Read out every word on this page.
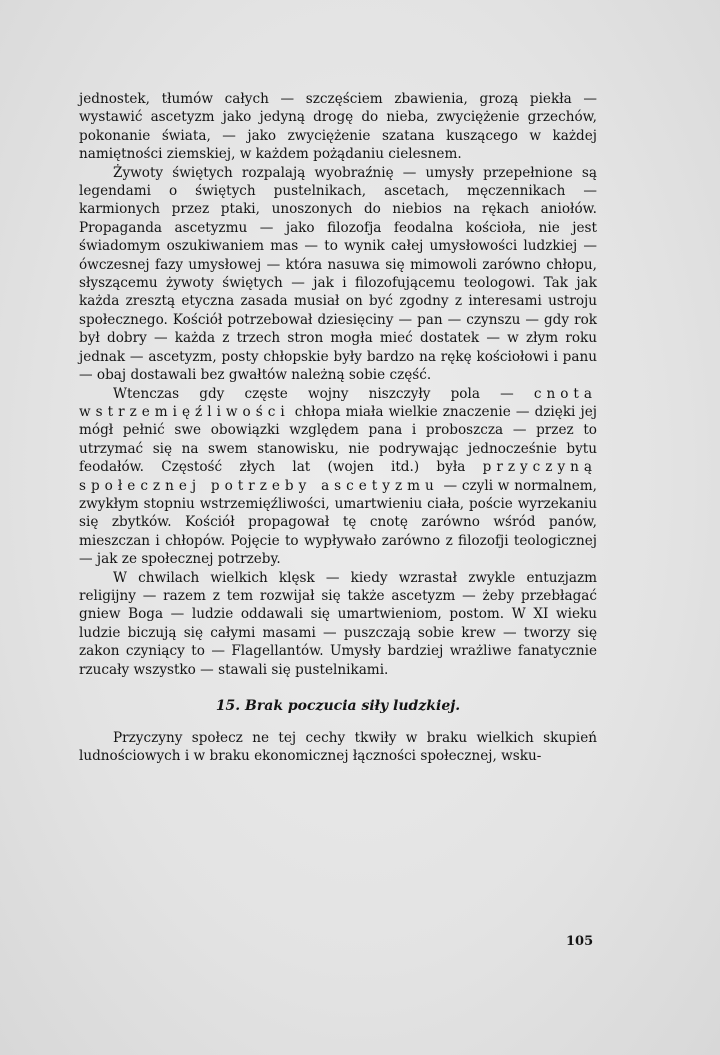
jednostek, tłumów całych — szczęściem zbawienia, grozą piekła — wystawić ascetyzm jako jedyną drogę do nieba, zwyciężenie grzechów, pokonanie świata, — jako zwyciężenie szatana kuszącego w każdej namiętności ziemskiej, w każdem pożądaniu cielesnem.

Żywoty świętych rozpalają wyobraźnię — umysły przepełnione są legendami o świętych pustelnikach, ascetach, męczennikach — karmionych przez ptaki, unoszonych do niebios na rękach aniołów. Propaganda ascetyzmu — jako filozofja feodalna kościoła, nie jest świadomym oszukiwaniem mas — to wynik całej umysłowości ludzkiej — ówczesnej fazy umysłowej — która nasuwa się mimowoli zarówno chłopu, słyszącemu żywoty świętych — jak i filozofującemu teologowi. Tak jak każda zresztą etyczna zasada musiał on być zgodny z interesami ustroju społecznego. Kościół potrzebował dziesięciny — pan — czynszu — gdy rok był dobry — każda z trzech stron mogła mieć dostatek — w złym roku jednak — ascetyzm, posty chłopskie były bardzo na rękę kościołowi i panu — obaj dostawali bez gwałtów należną sobie część.

Wtenczas gdy częste wojny niszczyły pola — cnota wstrzemięźliwości chłopa miała wielkie znaczenie — dzięki jej mógł pełnić swe obowiązki względem pana i proboszcza — przez to utrzymać się na swem stanowisku, nie podrywając jednocześnie bytu feodałów. Częstość złych lat (wojen itd.) była przyczyną społecznej potrzeby ascetyzmu — czyli w normalnem, zwykłym stopniu wstrzemięźliwości, umartwieniu ciała, poście wyrzekaniu się zbytków. Kościół propagował tę cnotę zarówno wśród panów, mieszczan i chłopów. Pojęcie to wypływało zarówno z filozofji teologicznej — jak ze społecznej potrzeby.

W chwilach wielkich klęsk — kiedy wzrastał zwykle entuzjazm religijny — razem z tem rozwijał się także ascetyzm — żeby przebłagać gniew Boga — ludzie oddawali się umartwieniom, postom. W XI wieku ludzie biczują się całymi masami — puszczają sobie krew — tworzy się zakon czyniący to — Flagellantów. Umysły bardziej wrażliwe fanatycznie rzucały wszystko — stawali się pustelnikami.

15. Brak poczucia siły ludzkiej.

Przyczyny społecz ne tej cechy tkwiły w braku wielkich skupień ludnościowych i w braku ekonomicznej łączności społecznej, wsku-

105
